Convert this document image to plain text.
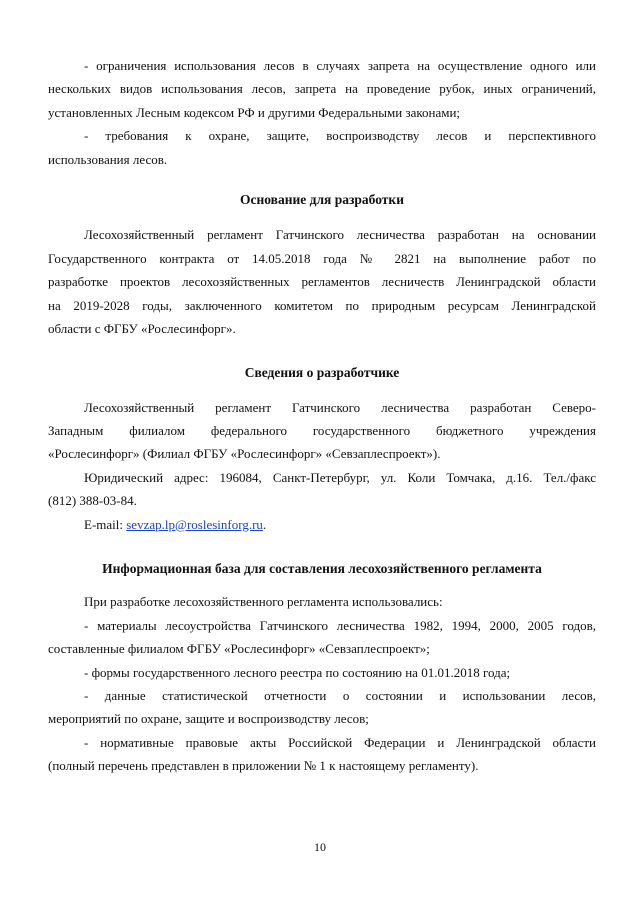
- ограничения использования лесов в случаях запрета на осуществление одного или
нескольких видов использования лесов, запрета на проведение рубок, иных ограничений,
установленных Лесным кодексом РФ и другими Федеральными законами;
- требования к охране, защите, воспроизводству лесов и перспективного
использования лесов.
Основание для разработки
Лесохозяйственный регламент Гатчинского лесничества разработан на основании
Государственного контракта от 14.05.2018 года № 2821 на выполнение работ по
разработке проектов лесохозяйственных регламентов лесничеств Ленинградской области
на 2019-2028 годы, заключенного комитетом по природным ресурсам Ленинградской
области с ФГБУ «Рослесинфорг».
Сведения о разработчике
Лесохозяйственный регламент Гатчинского лесничества разработан Северо-
Западным филиалом федерального государственного бюджетного учреждения
«Рослесинфорг» (Филиал ФГБУ «Рослесинфорг» «Севзаплеспроект»).
Юридический адрес: 196084, Санкт-Петербург, ул. Коли Томчака, д.16. Тел./факс
(812) 388-03-84.
E-mail: sevzap.lp@roslesinforg.ru.
Информационная база для составления лесохозяйственного регламента
При разработке лесохозяйственного регламента использовались:
- материалы лесоустройства Гатчинского лесничества 1982, 1994, 2000, 2005 годов,
составленные филиалом ФГБУ «Рослесинфорг» «Севзаплеспроект»;
- формы государственного лесного реестра по состоянию на 01.01.2018 года;
- данные статистической отчетности о состоянии и использовании лесов,
мероприятий по охране, защите и воспроизводству лесов;
- нормативные правовые акты Российской Федерации и Ленинградской области
(полный перечень представлен в приложении № 1 к настоящему регламенту).
10
